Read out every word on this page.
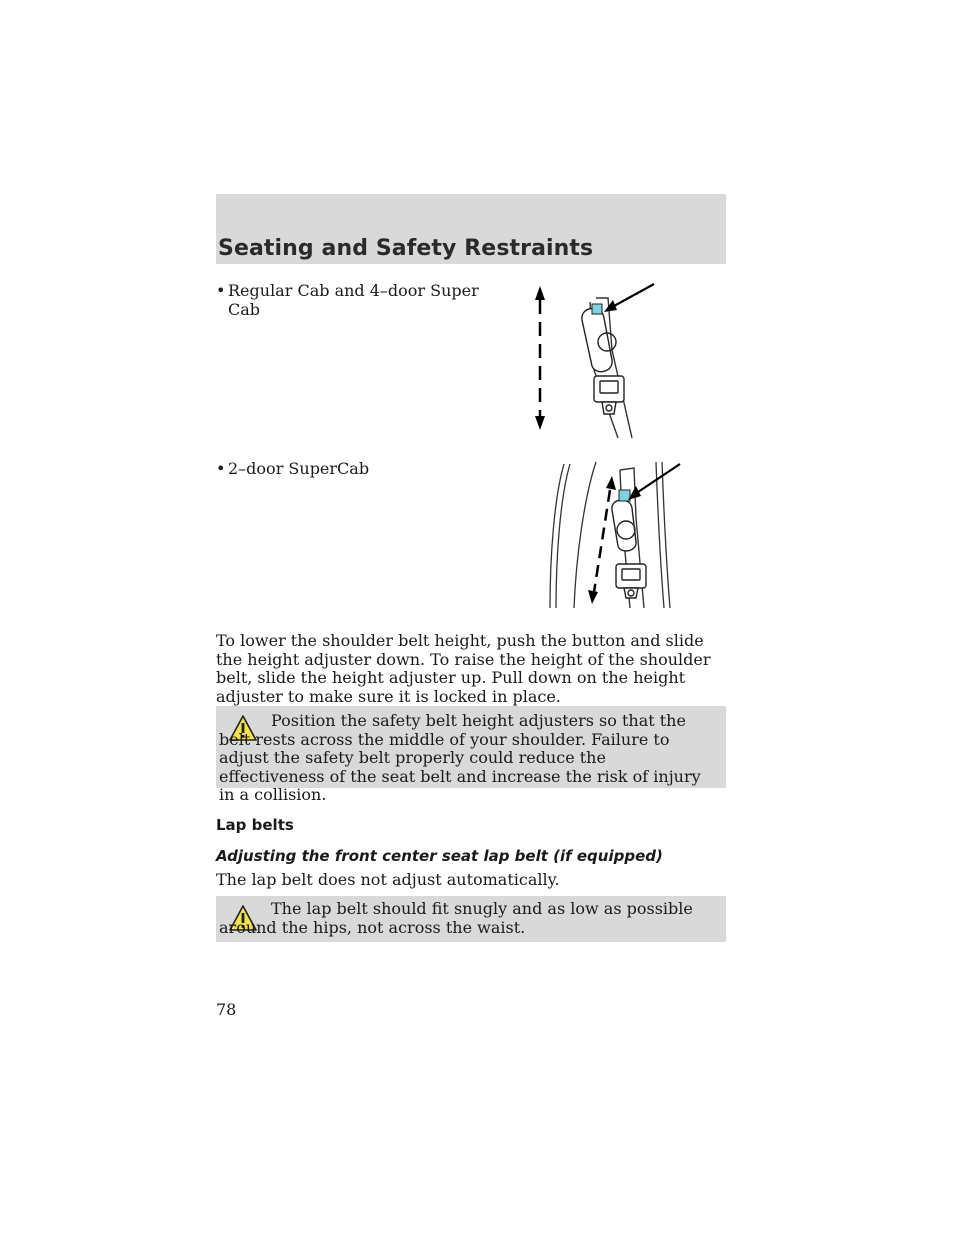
Seating and Safety Restraints
• Regular Cab and 4–door Super Cab
• 2–door SuperCab
To lower the shoulder belt height, push the button and slide the height adjuster down. To raise the height of the shoulder belt, slide the height adjuster up. Pull down on the height adjuster to make sure it is locked in place.
Position the safety belt height adjusters so that the belt rests across the middle of your shoulder. Failure to adjust the safety belt properly could reduce the effectiveness of the seat belt and increase the risk of injury in a collision.
Lap belts
Adjusting the front center seat lap belt (if equipped)
The lap belt does not adjust automatically.
The lap belt should fit snugly and as low as possible around the hips, not across the waist.
78
